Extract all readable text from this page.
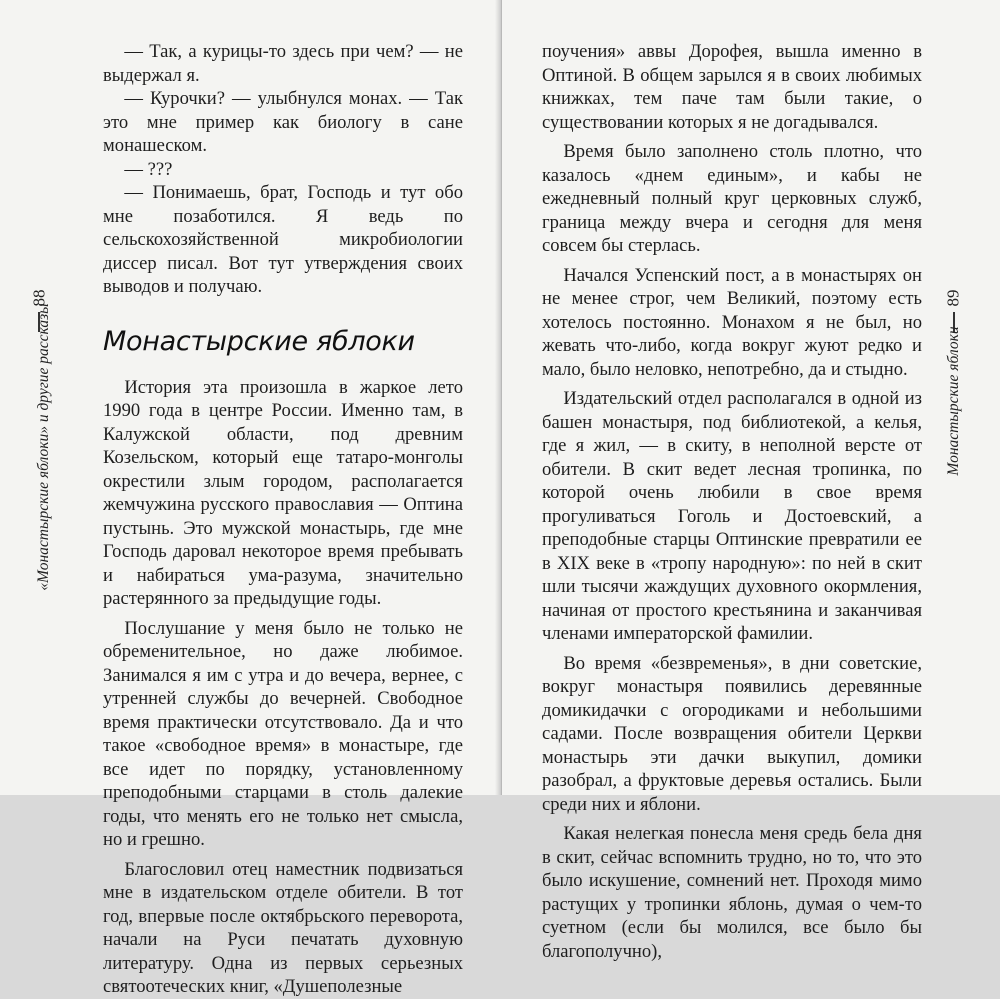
88
«Монастырские яблоки» и другие рассказы

— Так, а курицы-то здесь при чем? — не выдержал я.

— Курочки? — улыбнулся монах. — Так это мне пример как биологу в сане монашеском.

— ???

— Понимаешь, брат, Господь и тут обо мне позаботился. Я ведь по сельскохозяйственной микробиологии диссер писал. Вот тут утверждения своих выводов и получаю.

Монастырские яблоки

История эта произошла в жаркое лето 1990 года в центре России. Именно там, в Калужской области, под древним Козельском, который еще татаро-монголы окрестили злым городом, располагается жемчужина русского православия — Оптина пустынь. Это мужской монастырь, где мне Господь даровал некоторое время пребывать и набираться ума-разума, значительно растерянного за предыдущие годы.

Послушание у меня было не только не обременительное, но даже любимое. Занимался я им с утра и до вечера, вернее, с утренней службы до вечерней. Свободное время практически отсутствовало. Да и что такое «свободное время» в монастыре, где все идет по порядку, установленному преподобными старцами в столь далекие годы, что менять его не только нет смысла, но и грешно.

Благословил отец наместник подвизаться мне в издательском отделе обители. В тот год, впервые после октябрьского переворота, начали на Руси печатать духовную литературу. Одна из первых серьезных святоотеческих книг, «Душеполезные

поучения» аввы Дорофея, вышла именно в Оптиной. В общем зарылся я в своих любимых книжках, тем паче там были такие, о существовании которых я не догадывался.

Время было заполнено столь плотно, что казалось «днем единым», и кабы не ежедневный полный круг церковных служб, граница между вчера и сегодня для меня совсем бы стерлась.

Начался Успенский пост, а в монастырях он не менее строг, чем Великий, поэтому есть хотелось постоянно. Монахом я не был, но жевать что-либо, когда вокруг жуют редко и мало, было неловко, непотребно, да и стыдно.

Издательский отдел располагался в одной из башен монастыря, под библиотекой, а келья, где я жил, — в скиту, в неполной версте от обители. В скит ведет лесная тропинка, по которой очень любили в свое время прогуливаться Гоголь и Достоевский, а преподобные старцы Оптинские превратили ее в XIX веке в «тропу народную»: по ней в скит шли тысячи жаждущих духовного окормления, начиная от простого крестьянина и заканчивая членами императорской фамилии.

Во время «безвременья», в дни советские, вокруг монастыря появились деревянные домикидачки с огородиками и небольшими садами. После возвращения обители Церкви монастырь эти дачки выкупил, домики разобрал, а фруктовые деревья остались. Были среди них и яблони.

Какая нелегкая понесла меня средь бела дня в скит, сейчас вспомнить трудно, но то, что это было искушение, сомнений нет. Проходя мимо растущих у тропинки яблонь, думая о чем-то суетном (если бы молился, все было бы благополучно),

89
Монастырские яблоки
